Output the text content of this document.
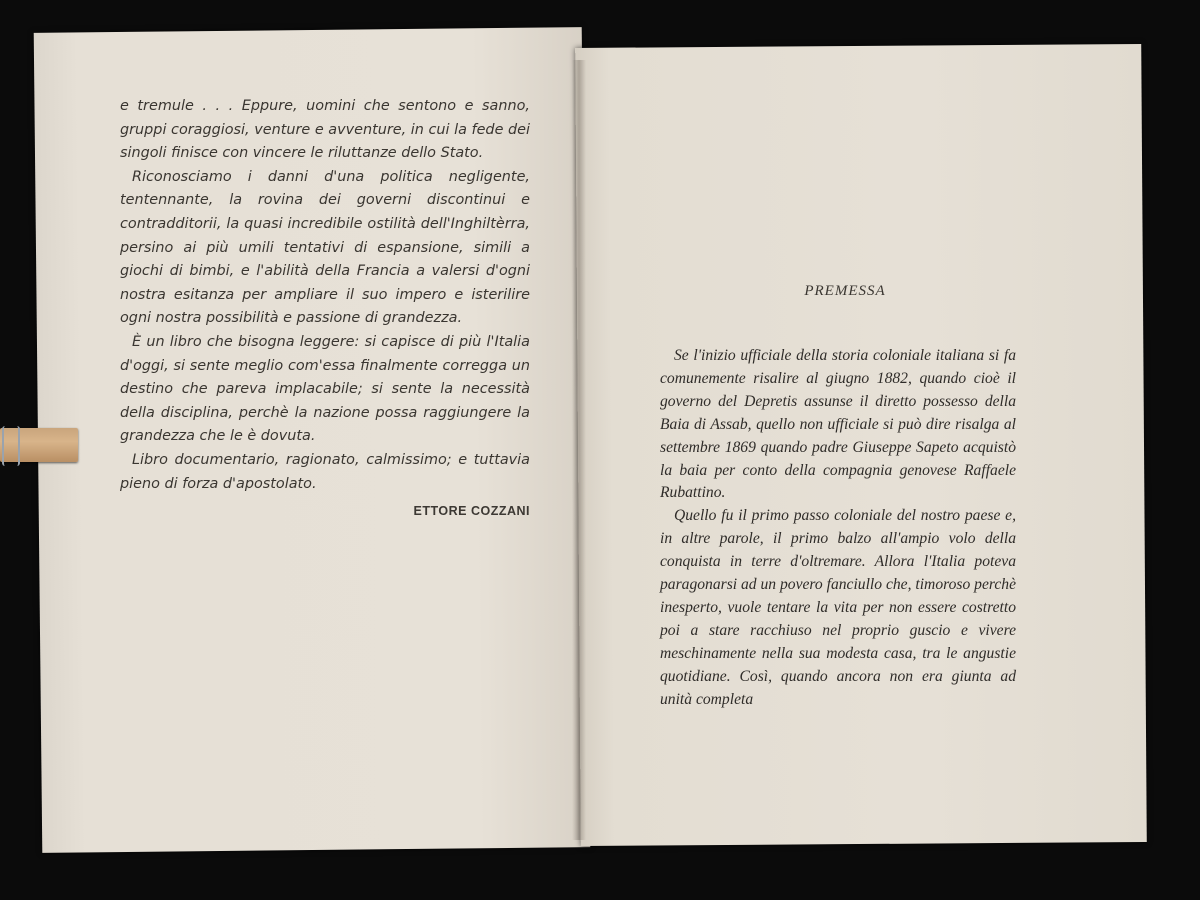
e tremule . . . Eppure, uomini che sentono e sanno, gruppi coraggiosi, venture e avventure, in cui la fede dei singoli finisce con vincere le riluttanze dello Stato.

Riconosciamo i danni d'una politica negligente, tentennante, la rovina dei governi discontinui e contradditorii, la quasi incredibile ostilità dell'Inghiltèrra, persino ai più umili tentativi di espansione, simili a giochi di bimbi, e l'abilità della Francia a valersi d'ogni nostra esitanza per ampliare il suo impero e isterilire ogni nostra possibilità e passione di grandezza.

È un libro che bisogna leggere: si capisce di più l'Italia d'oggi, si sente meglio com'essa finalmente corregga un destino che pareva implacabile; si sente la necessità della disciplina, perchè la nazione possa raggiungere la grandezza che le è dovuta.

Libro documentario, ragionato, calmissimo; e tuttavia pieno di forza d'apostolato.

ETTORE COZZANI
PREMESSA

Se l'inizio ufficiale della storia coloniale italiana si fa comunemente risalire al giugno 1882, quando cioè il governo del Depretis assunse il diretto possesso della Baia di Assab, quello non ufficiale si può dire risalga al settembre 1869 quando padre Giuseppe Sapeto acquistò la baia per conto della compagnia genovese Raffaele Rubattino.

Quello fu il primo passo coloniale del nostro paese e, in altre parole, il primo balzo all'ampio volo della conquista in terre d'oltremare. Allora l'Italia poteva paragonarsi ad un povero fanciullo che, timoroso perchè inesperto, vuole tentare la vita per non essere costretto poi a stare racchiuso nel proprio guscio e vivere meschinamente nella sua modesta casa, tra le angustie quotidiane. Così, quando ancora non era giunta ad unità completa
